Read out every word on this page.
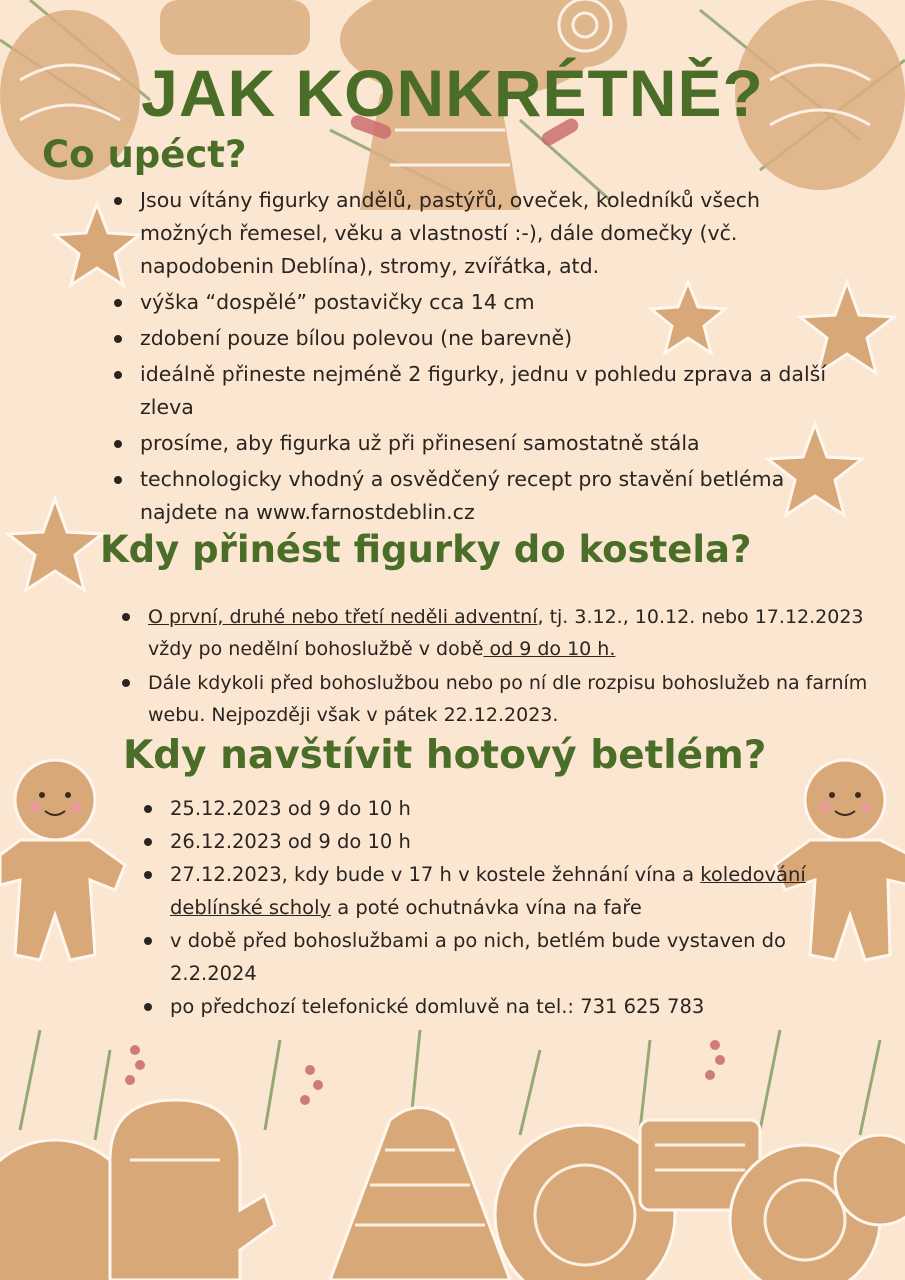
JAK KONKRÉTNĚ?
Co upéct?
Jsou vítány figurky andělů, pastýřů, oveček, koledníků všech možných řemesel, věku a vlastností :-), dále domečky (vč. napodobenin Deblína), stromy, zvířátka, atd.
výška “dospělé” postavičky cca 14 cm
zdobení pouze bílou polevou (ne barevně)
ideálně přineste nejméně 2 figurky, jednu v pohledu zprava a další zleva
prosíme, aby figurka už při přinesení samostatně stála
technologicky vhodný a osvědčený recept pro stavění betléma najdete na www.farnostdeblin.cz
Kdy přinést figurky do kostela?
O první, druhé nebo třetí neděli adventní, tj. 3.12., 10.12. nebo 17.12.2023 vždy po nedělní bohoslužbě v době od 9 do 10 h.
Dále kdykoli před bohoslužbou nebo po ní dle rozpisu bohoslužeb na farním webu. Nejpozději však v pátek 22.12.2023.
Kdy navštívit hotový betlém?
25.12.2023 od 9 do 10 h
26.12.2023 od 9 do 10 h
27.12.2023, kdy bude v 17 h v kostele žehnání vína a koledování deblínské scholy a poté ochutnávka vína na faře
v době před bohoslužbami a po nich, betlém bude vystaven do 2.2.2024
po předchozí telefonické domluvě na tel.: 731 625 783
